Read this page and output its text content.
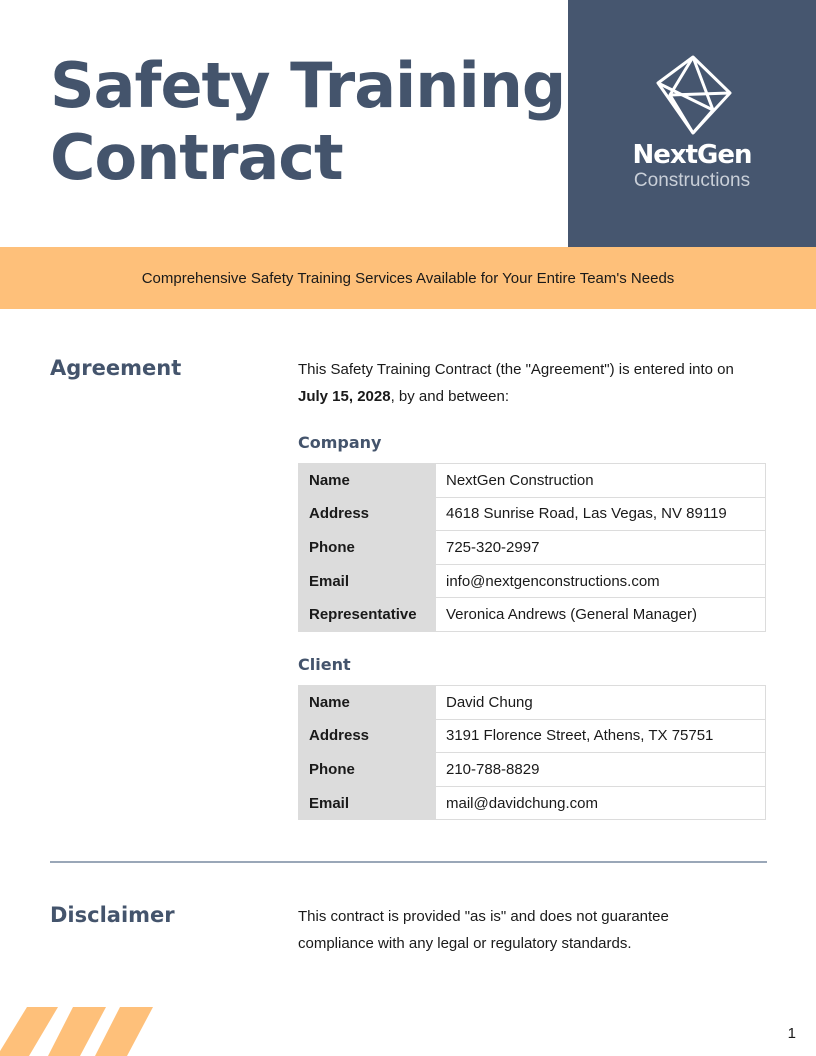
Safety Training
Contract	NextGen
Constructions
Comprehensive Safety Training Services Available for Your Entire Team's Needs
Agreement	This Safety Training Contract (the "Agreement") is entered into on July 15, 2028, by and between:
Company
Name	NextGen Construction
Address	4618 Sunrise Road, Las Vegas, NV 89119
Phone	725-320-2997
Email	info@nextgenconstructions.com
Representative	Veronica Andrews (General Manager)
Client
Name	David Chung
Address	3191 Florence Street, Athens, TX 75751
Phone	210-788-8829
Email	mail@davidchung.com
Disclaimer	This contract is provided "as is" and does not guarantee compliance with any legal or regulatory standards.
1
